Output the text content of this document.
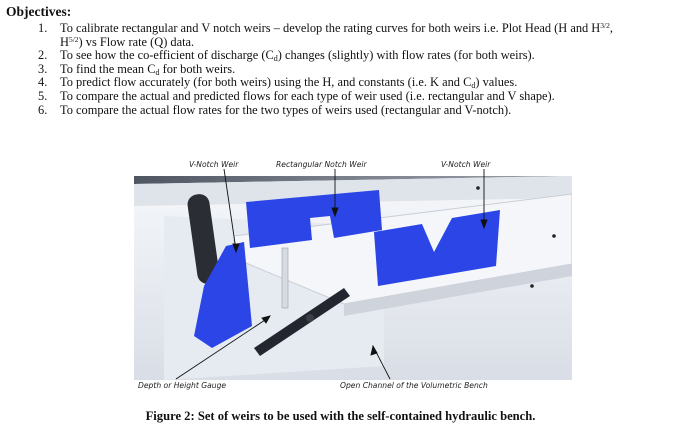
Objectives:
1. To calibrate rectangular and V notch weirs – develop the rating curves for both weirs i.e. Plot Head (H and $H^{3/2}$,
$H^{5/2}$) vs Flow rate (Q) data.
2. To see how the co-efficient of discharge $(C_d)$ changes (slightly) with flow rates (for both weirs).
3. To find the mean $C_d$ for both weirs.
4. To predict flow accurately (for both weirs) using the H, and constants (i.e. K and $C_d$) values.
5. To compare the actual and predicted flows for each type of weir used (i.e. rectangular and V shape).
6. To compare the actual flow rates for the two types of weirs used (rectangular and V-notch).
V-Notch Weir	Rectangular Notch Weir	V-Notch Weir
Depth or Height Gauge	Open Channel of the Volumetric Bench
Figure 2: Set of weirs to be used with the self-contained hydraulic bench.
